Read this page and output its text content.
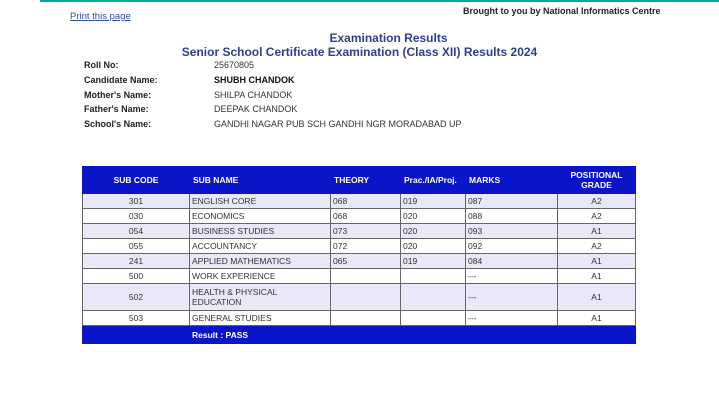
Print this page	Brought to you by National Informatics Centre
Examination Results
Senior School Certificate Examination (Class XII) Results 2024
Roll No:	25670805
Candidate Name:	SHUBH CHANDOK
Mother's Name:	SHILPA CHANDOK
Father's Name:	DEEPAK CHANDOK
School's Name:	GANDHI NAGAR PUB SCH GANDHI NGR MORADABAD UP
SUB CODE	SUB NAME	THEORY	Prac./IA/Proj.	MARKS	POSITIONAL GRADE
301	ENGLISH CORE	068	019	087	A2
030	ECONOMICS	068	020	088	A2
054	BUSINESS STUDIES	073	020	093	A1
055	ACCOUNTANCY	072	020	092	A2
241	APPLIED MATHEMATICS	065	019	084	A1
500	WORK EXPERIENCE			---	A1
502	HEALTH & PHYSICAL EDUCATION			---	A1
503	GENERAL STUDIES			---	A1
	Result : PASS				
